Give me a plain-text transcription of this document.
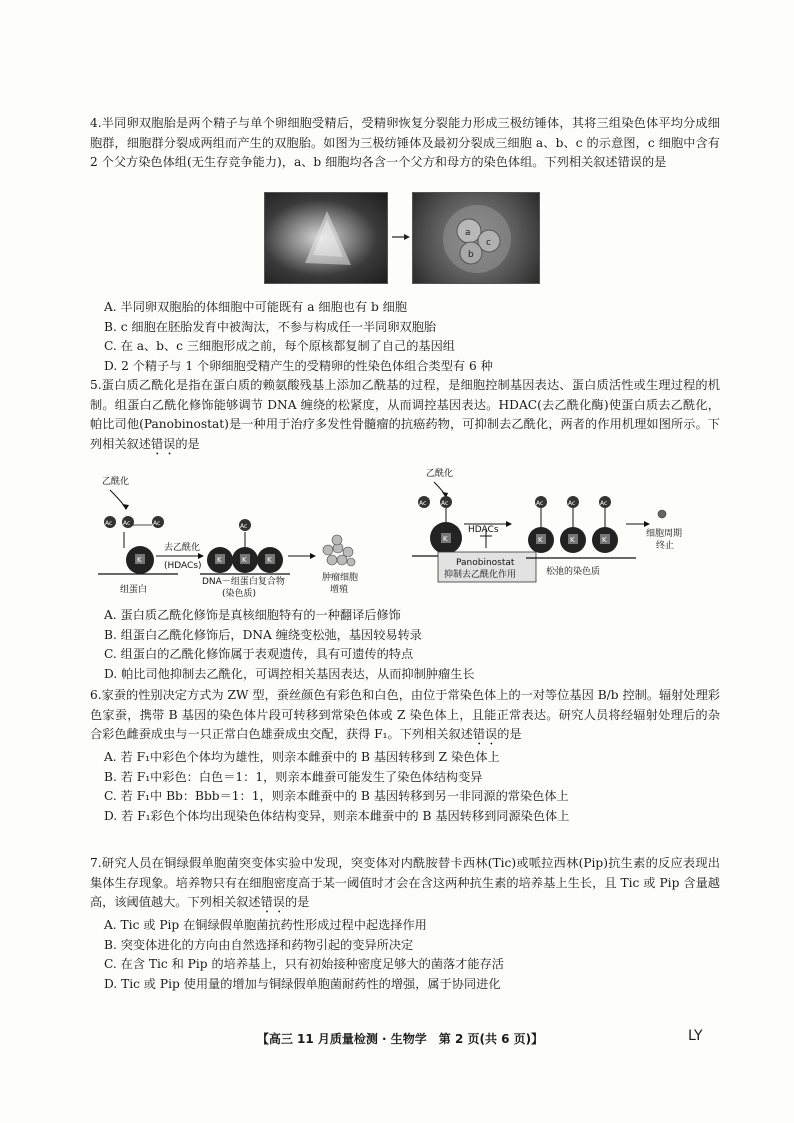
4.半同卵双胞胎是两个精子与单个卵细胞受精后，受精卵恢复分裂能力形成三极纺锤体，其将三组染色体平均分成细胞群，细胞群分裂成两组而产生的双胞胎。如图为三极纺锤体及最初分裂成三细胞 a、b、c 的示意图，c 细胞中含有 2 个父方染色体组(无生存竞争能力)，a、b 细胞均各含一个父方和母方的染色体组。下列相关叙述错误的是

a
c
b

A. 半同卵双胞胎的体细胞中可能既有 a 细胞也有 b 细胞

B. c 细胞在胚胎发育中被淘汰，不参与构成任一半同卵双胞胎

C. 在 a、b、c 三细胞形成之前，每个原核都复制了自己的基因组

D. 2 个精子与 1 个卵细胞受精产生的受精卵的性染色体组合类型有 6 种

5.蛋白质乙酰化是指在蛋白质的赖氨酸残基上添加乙酰基的过程，是细胞控制基因表达、蛋白质活性或生理过程的机制。组蛋白乙酰化修饰能够调节 DNA 缠绕的松紧度，从而调控基因表达。HDAC(去乙酰化酶)使蛋白质去乙酰化，帕比司他(Panobinostat)是一种用于治疗多发性骨髓瘤的抗癌药物，可抑制去乙酰化，两者的作用机理如图所示。下列相关叙述错误的是

乙酰化
Ac Ac	Ac
K
组蛋白
去乙酰化
(HDACs)
K	K	K
Ac
DNA－组蛋白复合物
(染色质)
肿瘤细胞
增殖
乙酰化
Ac Ac
K
HDACs
Panobinostat
抑制去乙酰化作用
K
Ac
K
Ac
K
Ac
松弛的染色质
细胞周期
终止

A. 蛋白质乙酰化修饰是真核细胞特有的一种翻译后修饰

B. 组蛋白乙酰化修饰后，DNA 缠绕变松弛，基因较易转录

C. 组蛋白的乙酰化修饰属于表观遗传，具有可遗传的特点

D. 帕比司他抑制去乙酰化，可调控相关基因表达，从而抑制肿瘤生长

6.家蚕的性别决定方式为 ZW 型，蚕丝颜色有彩色和白色，由位于常染色体上的一对等位基因 B/b 控制。辐射处理彩色家蚕，携带 B 基因的染色体片段可转移到常染色体或 Z 染色体上，且能正常表达。研究人员将经辐射处理后的杂合彩色雌蚕成虫与一只正常白色雄蚕成虫交配，获得 F₁。下列相关叙述错误的是

A. 若 F₁中彩色个体均为雄性，则亲本雌蚕中的 B 基因转移到 Z 染色体上

B. 若 F₁中彩色：白色＝1：1，则亲本雌蚕可能发生了染色体结构变异

C. 若 F₁中 Bb：Bbb＝1：1，则亲本雌蚕中的 B 基因转移到另一非同源的常染色体上

D. 若 F₁彩色个体均出现染色体结构变异，则亲本雌蚕中的 B 基因转移到同源染色体上

7.研究人员在铜绿假单胞菌突变体实验中发现，突变体对内酰胺替卡西林(Tic)或哌拉西林(Pip)抗生素的反应表现出集体生存现象。培养物只有在细胞密度高于某一阈值时才会在含这两种抗生素的培养基上生长，且 Tic 或 Pip 含量越高，该阈值越大。下列相关叙述错误的是

A. Tic 或 Pip 在铜绿假单胞菌抗药性形成过程中起选择作用

B. 突变体进化的方向由自然选择和药物引起的变异所决定

C. 在含 Tic 和 Pip 的培养基上，只有初始接种密度足够大的菌落才能存活

D. Tic 或 Pip 使用量的增加与铜绿假单胞菌耐药性的增强，属于协同进化

【高三 11 月质量检测 · 生物学　第 2 页(共 6 页)】	LY
